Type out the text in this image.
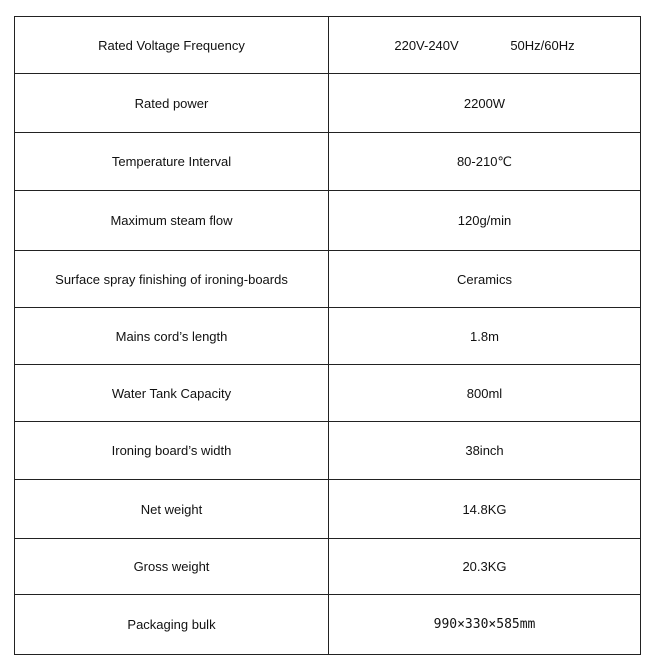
Rated Voltage Frequency	220V-240V 50Hz/60Hz
Rated power	2200W
Temperature Interval	80-210℃
Maximum steam flow	120g/min
Surface spray finishing of ironing-boards	Ceramics
Mains cord’s length	1.8m
Water Tank Capacity	800ml
Ironing board’s width	38inch
Net weight	14.8KG
Gross weight	20.3KG
Packaging bulk	990×330×585mm
